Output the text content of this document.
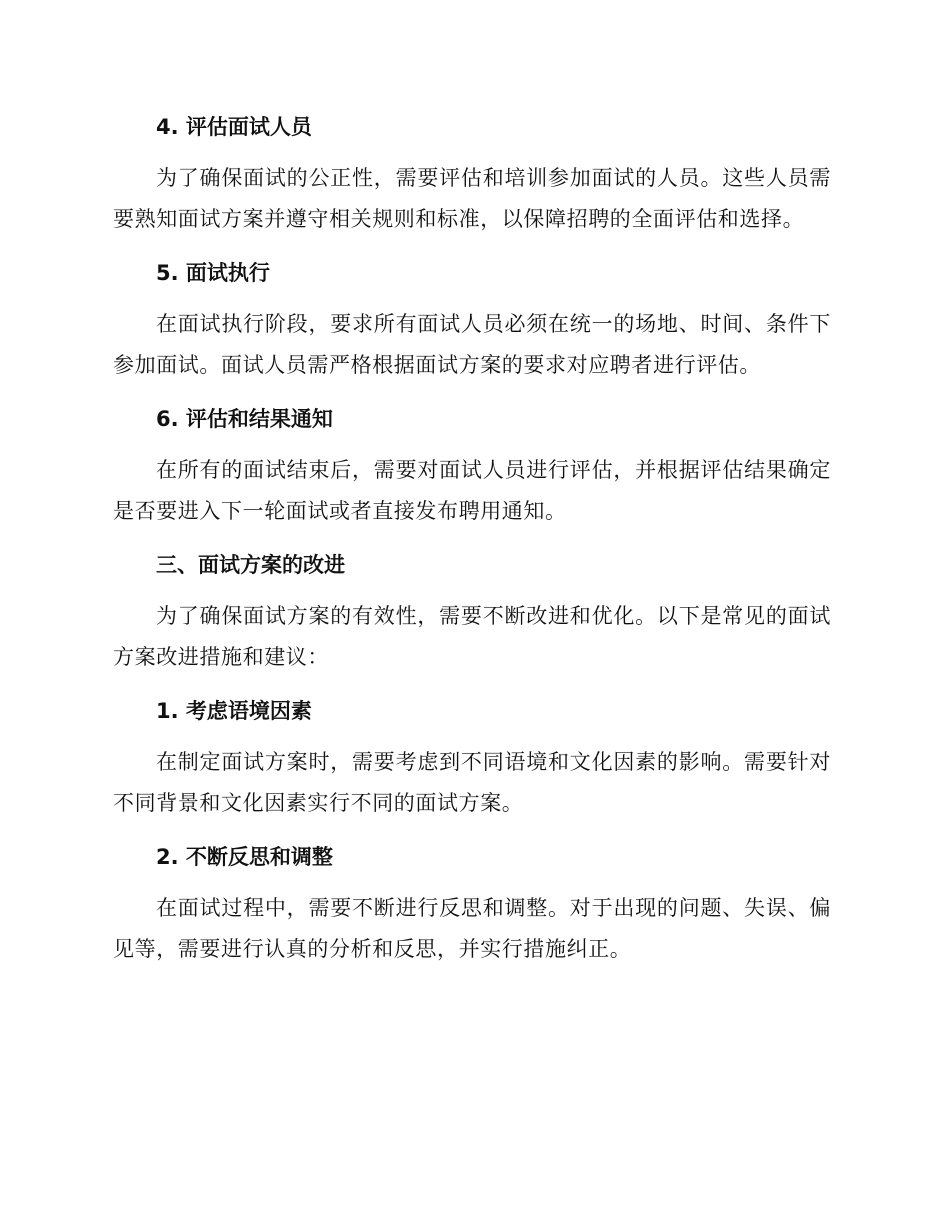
4. 评估面试人员

为了确保面试的公正性，需要评估和培训参加面试的人员。这些人员需要熟知面试方案并遵守相关规则和标准，以保障招聘的全面评估和选择。

5. 面试执行

在面试执行阶段，要求所有面试人员必须在统一的场地、时间、条件下参加面试。面试人员需严格根据面试方案的要求对应聘者进行评估。

6. 评估和结果通知

在所有的面试结束后，需要对面试人员进行评估，并根据评估结果确定是否要进入下一轮面试或者直接发布聘用通知。

三、面试方案的改进

为了确保面试方案的有效性，需要不断改进和优化。以下是常见的面试方案改进措施和建议：

1. 考虑语境因素

在制定面试方案时，需要考虑到不同语境和文化因素的影响。需要针对不同背景和文化因素实行不同的面试方案。

2. 不断反思和调整

在面试过程中，需要不断进行反思和调整。对于出现的问题、失误、偏见等，需要进行认真的分析和反思，并实行措施纠正。
